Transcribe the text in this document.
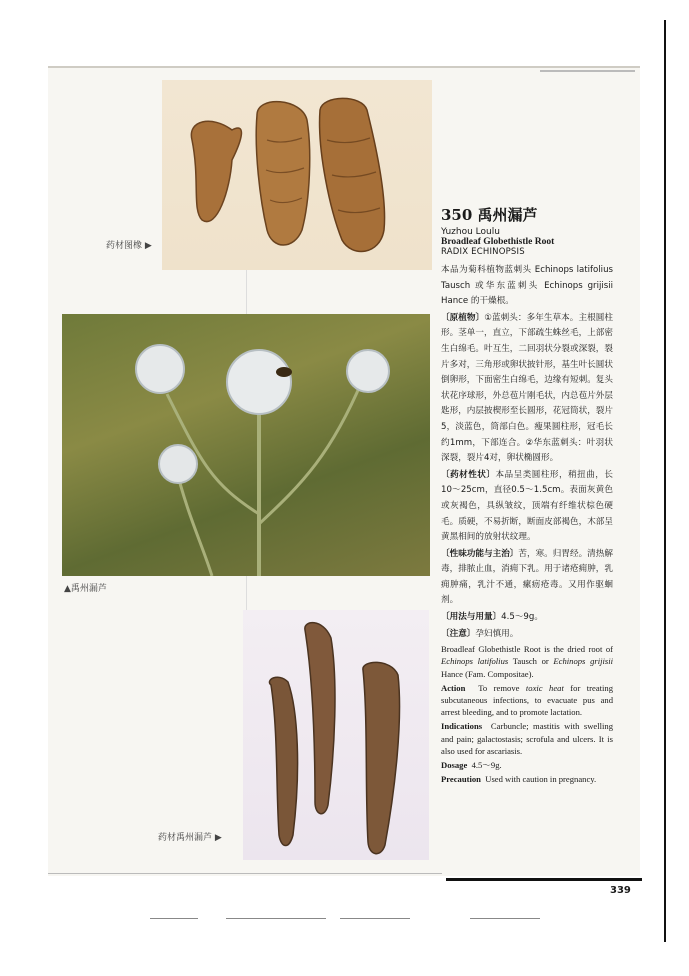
药材图橡 ▶
▲禹州漏芦
药材禹州漏芦 ▶

350 禹州漏芦

Yuzhou Loulu

Broadleaf Globethistle Root

RADIX ECHINOPSIS

本品为菊科植物蓝刺头 Echinops latifolius Tausch 或华东蓝刺头 Echinops grijisii Hance 的干燥根。

〔原植物〕①蓝刺头：多年生草本。主根圆柱形。茎单一，直立，下部疏生蛛丝毛，上部密生白绵毛。叶互生，二回羽状分裂或深裂，裂片多对，三角形或卵状披针形，基生叶长圆状倒卵形，下面密生白绵毛，边缘有短刺。复头状花序球形，外总苞片刚毛状，内总苞片外层匙形，内层披楔形至长圆形，花冠筒状，裂片5，淡蓝色，筒部白色。瘦果圆柱形，冠毛长约1mm，下部连合。②华东蓝刺头：叶羽状深裂，裂片4对，卵状椭圆形。

〔药材性状〕本品呈类圆柱形，稍扭曲，长10～25cm，直径0.5～1.5cm。表面灰黄色或灰褐色，具纵皱纹，顶端有纤维状棕色硬毛。质硬，不易折断，断面皮部褐色，木部呈黄黑相间的放射状纹理。

〔性味功能与主治〕苦，寒。归胃经。清热解毒，排脓止血，消痈下乳。用于诸疮痈肿，乳痈肿痛，乳汁不通，瘰疬疮毒。又用作驱蛔剂。

〔用法与用量〕4.5～9g。

〔注意〕孕妇慎用。

Broadleaf Globethistle Root is the dried root of Echinops latifolius Tausch or Echinops grijisii Hance (Fam. Compositae).

Action To remove toxic heat for treating subcutaneous infections, to evacuate pus and arrest bleeding, and to promote lactation.

Indications Carbuncle; mastitis with swelling and pain; galactostasis; scrofula and ulcers. It is also used for ascariasis.

Dosage 4.5～9g.

Precaution Used with caution in pregnancy.

339
